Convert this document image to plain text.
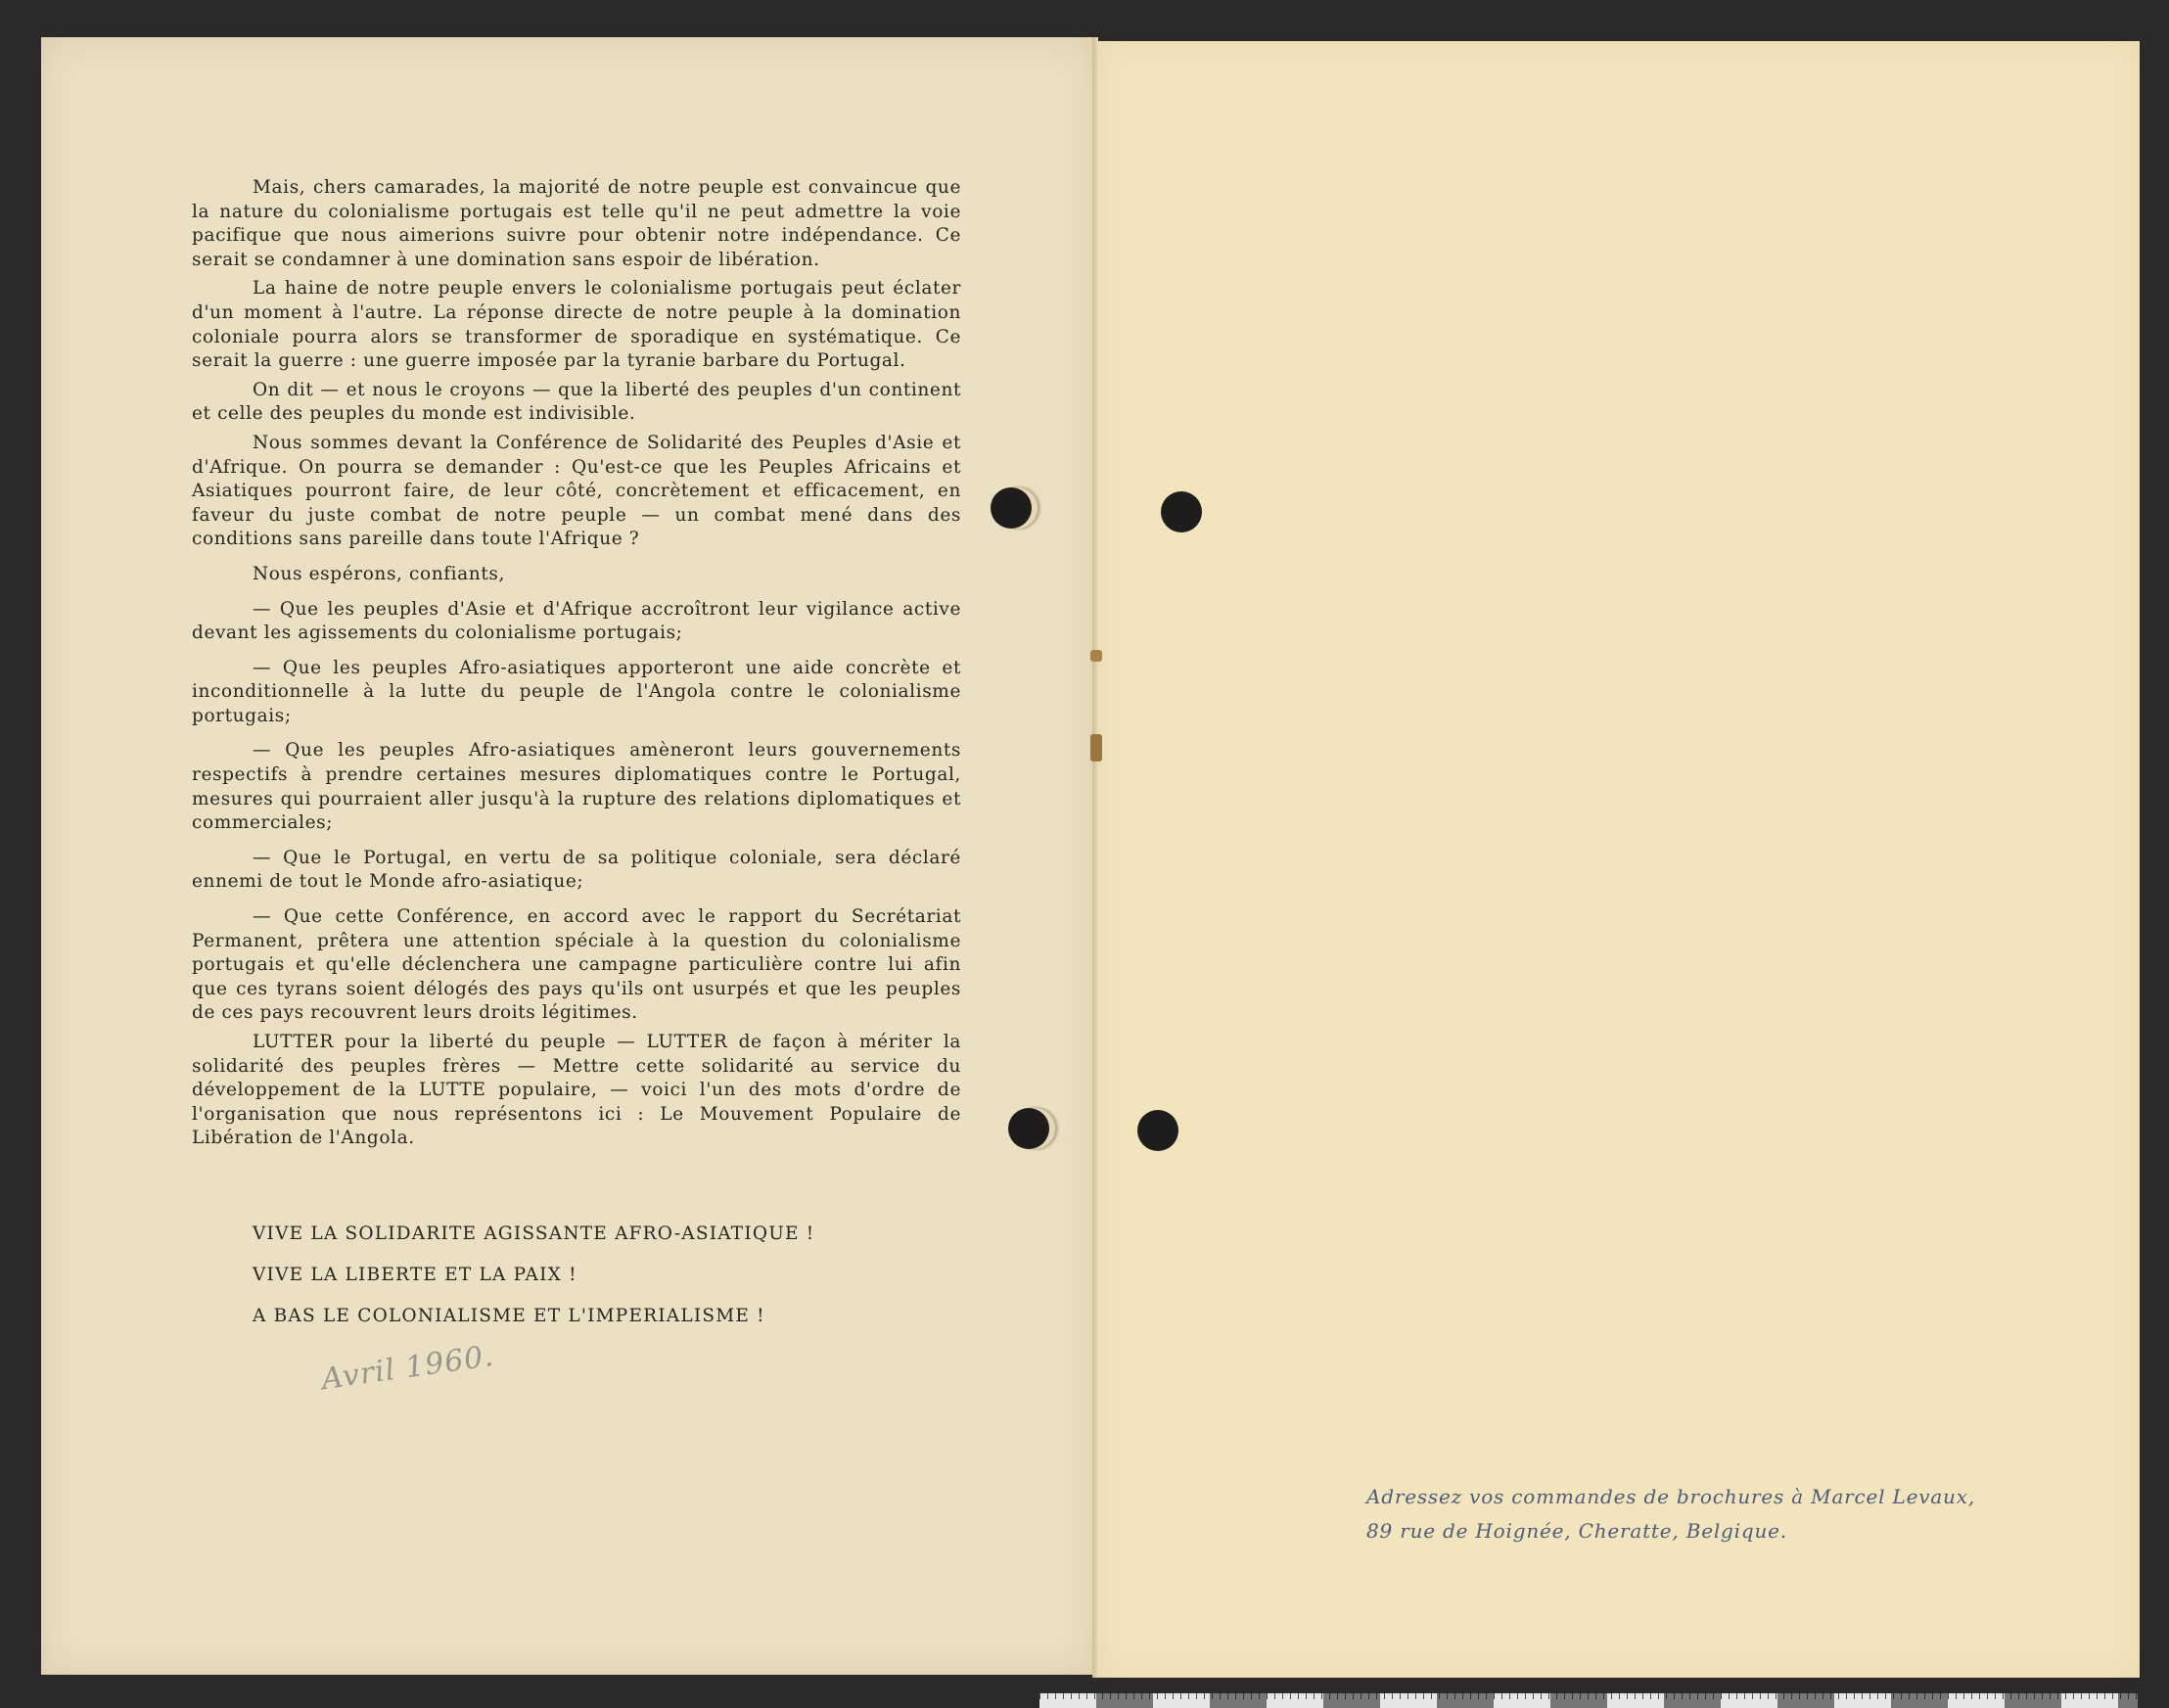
Mais, chers camarades, la majorité de notre peuple est convaincue que la nature du colonialisme portugais est telle qu'il ne peut admettre la voie pacifique que nous aimerions suivre pour obtenir notre indépendance. Ce serait se condamner à une domination sans espoir de libération.

La haine de notre peuple envers le colonialisme portugais peut éclater d'un moment à l'autre. La réponse directe de notre peuple à la domination coloniale pourra alors se transformer de sporadique en systématique. Ce serait la guerre : une guerre imposée par la tyranie barbare du Portugal.

On dit — et nous le croyons — que la liberté des peuples d'un continent et celle des peuples du monde est indivisible.

Nous sommes devant la Conférence de Solidarité des Peuples d'Asie et d'Afrique. On pourra se demander : Qu'est-ce que les Peuples Africains et Asiatiques pourront faire, de leur côté, concrètement et efficacement, en faveur du juste combat de notre peuple — un combat mené dans des conditions sans pareille dans toute l'Afrique ?

Nous espérons, confiants,

— Que les peuples d'Asie et d'Afrique accroîtront leur vigilance active devant les agissements du colonialisme portugais;

— Que les peuples Afro-asiatiques apporteront une aide concrète et inconditionnelle à la lutte du peuple de l'Angola contre le colonialisme portugais;

— Que les peuples Afro-asiatiques amèneront leurs gouvernements respectifs à prendre certaines mesures diplomatiques contre le Portugal, mesures qui pourraient aller jusqu'à la rupture des relations diplomatiques et commerciales;

— Que le Portugal, en vertu de sa politique coloniale, sera déclaré ennemi de tout le Monde afro-asiatique;

— Que cette Conférence, en accord avec le rapport du Secrétariat Permanent, prêtera une attention spéciale à la question du colonialisme portugais et qu'elle déclenchera une campagne particulière contre lui afin que ces tyrans soient délogés des pays qu'ils ont usurpés et que les peuples de ces pays recouvrent leurs droits légitimes.

LUTTER pour la liberté du peuple — LUTTER de façon à mériter la solidarité des peuples frères — Mettre cette solidarité au service du développement de la LUTTE populaire, — voici l'un des mots d'ordre de l'organisation que nous représentons ici : Le Mouvement Populaire de Libération de l'Angola.

VIVE LA SOLIDARITE AGISSANTE AFRO-ASIATIQUE !
VIVE LA LIBERTE ET LA PAIX !
A BAS LE COLONIALISME ET L'IMPERIALISME !
Avril 1960.
Adressez vos commandes de brochures à Marcel Levaux,
89 rue de Hoignée, Cheratte, Belgique.
